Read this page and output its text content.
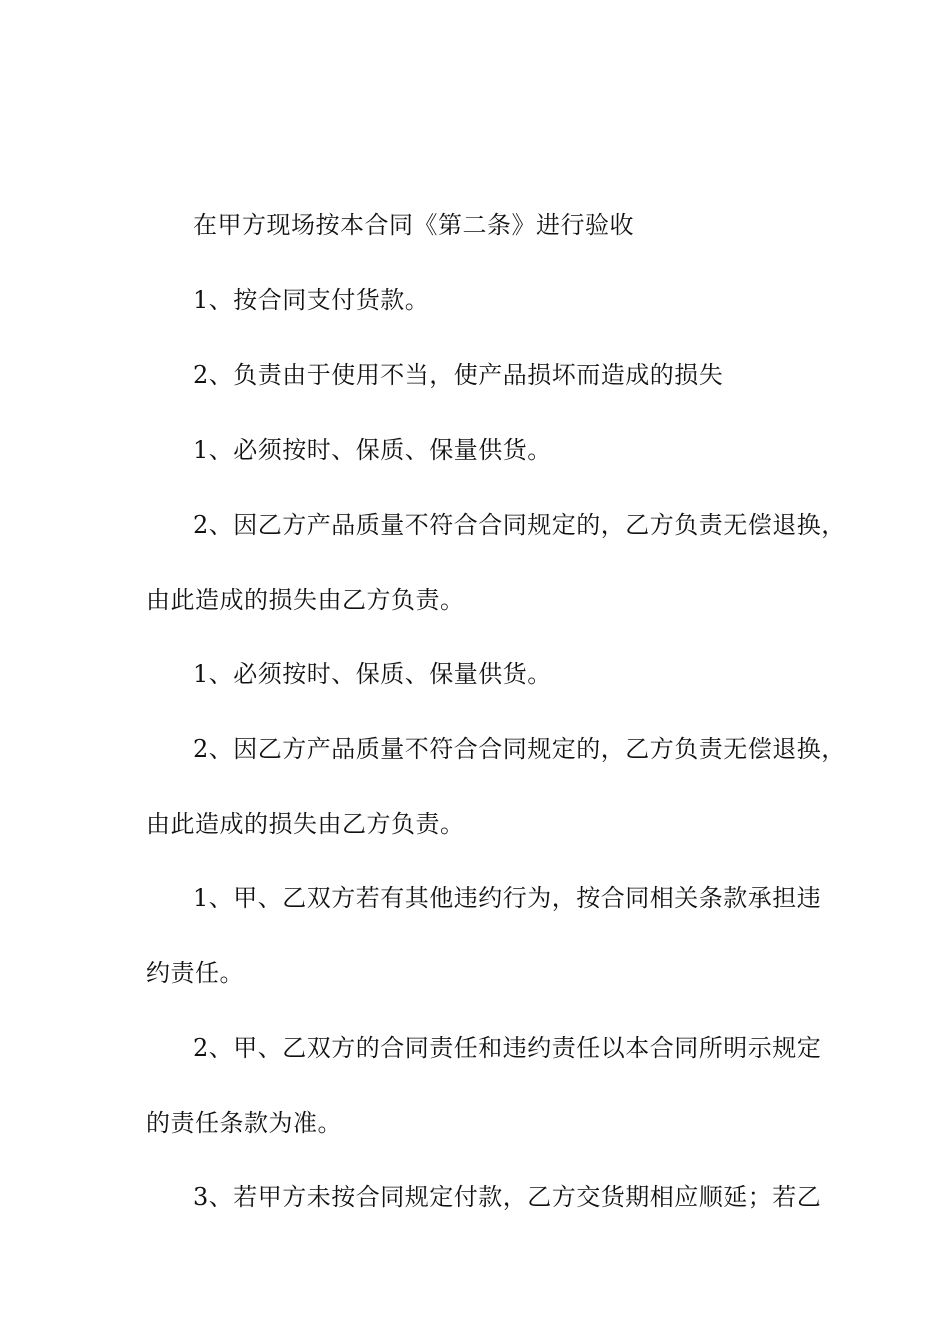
在甲方现场按本合同《第二条》进行验收
1、按合同支付货款。
2、负责由于使用不当，使产品损坏而造成的损失
1、必须按时、保质、保量供货。
2、因乙方产品质量不符合合同规定的，乙方负责无偿退换，
由此造成的损失由乙方负责。
1、必须按时、保质、保量供货。
2、因乙方产品质量不符合合同规定的，乙方负责无偿退换，
由此造成的损失由乙方负责。
1、甲、乙双方若有其他违约行为，按合同相关条款承担违
约责任。
2、甲、乙双方的合同责任和违约责任以本合同所明示规定
的责任条款为准。
3、若甲方未按合同规定付款，乙方交货期相应顺延；若乙
